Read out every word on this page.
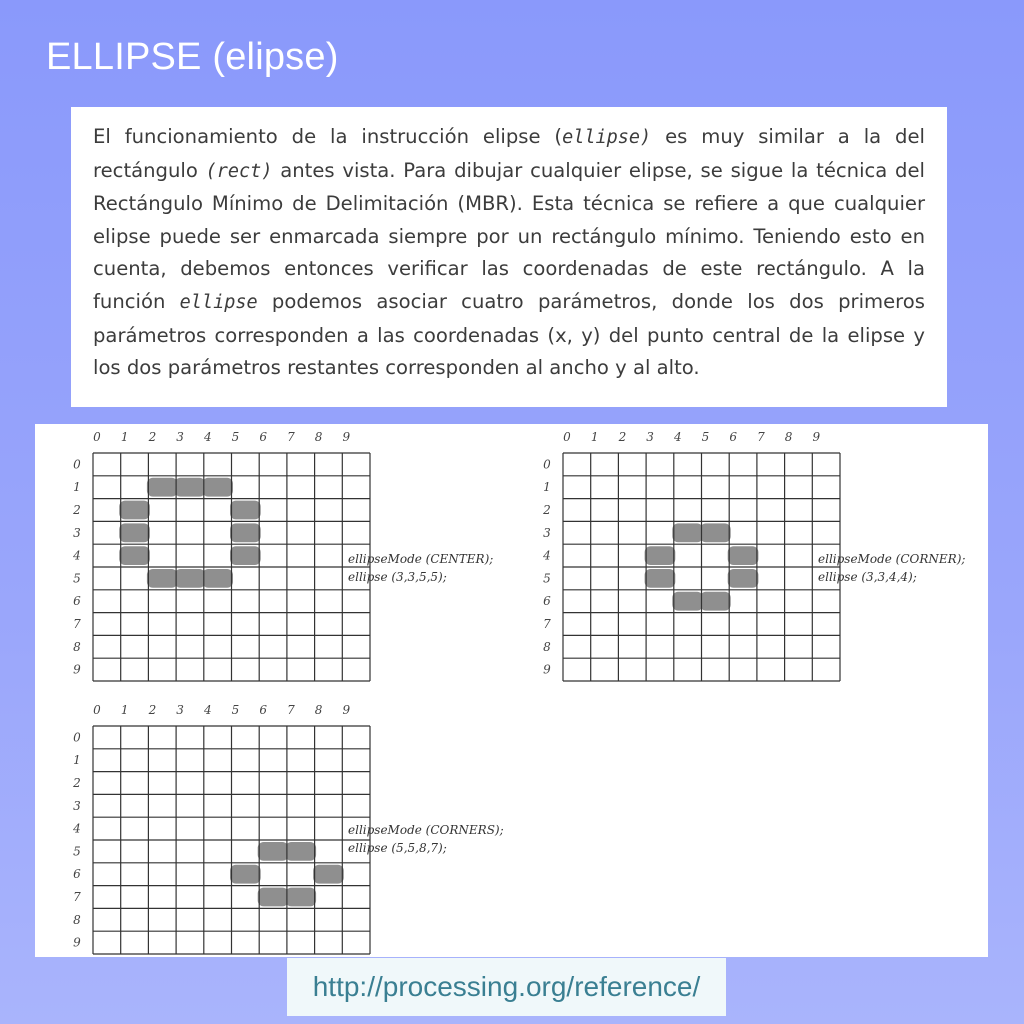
ELLIPSE (elipse)

El funcionamiento de la instrucción elipse (ellipse) es muy similar a la del rectángulo (rect) antes vista. Para dibujar cualquier elipse, se sigue la técnica del Rectángulo Mínimo de Delimitación (MBR). Esta técnica se refiere a que cualquier elipse puede ser enmarcada siempre por un rectángulo mínimo. Teniendo esto en cuenta, debemos entonces verificar las coordenadas de este rectángulo. A la función ellipse podemos asociar cuatro parámetros, donde los dos primeros parámetros corresponden a las coordenadas (x, y) del punto central de la elipse y los dos parámetros restantes corresponden al ancho y al alto.

0
0
1
1
2
2
3
3
4
4
5
5
6
6
7
7
8
8
9
9
ellipseMode (CENTER);
ellipse (3,3,5,5);
0
0
1
1
2
2
3
3
4
4
5
5
6
6
7
7
8
8
9
9
ellipseMode (CORNER);
ellipse (3,3,4,4);
0
0
1
1
2
2
3
3
4
4
5
5
6
6
7
7
8
8
9
9
ellipseMode (CORNERS);
ellipse (5,5,8,7);
http://processing.org/reference/
